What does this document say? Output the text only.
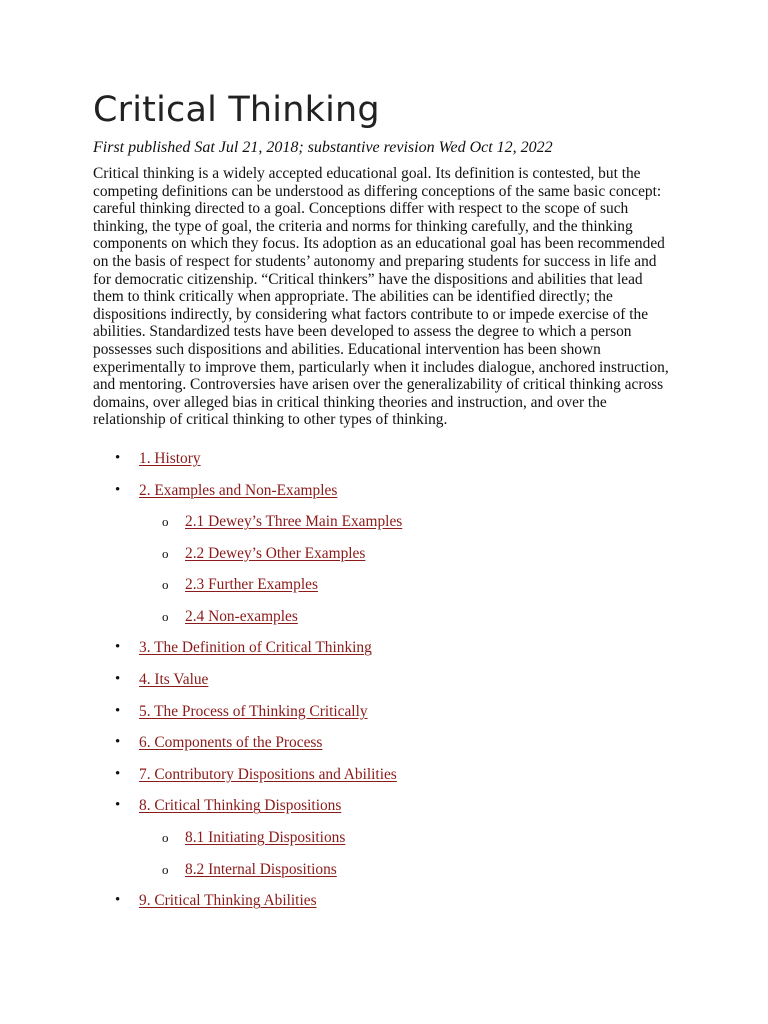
Critical Thinking

First published Sat Jul 21, 2018; substantive revision Wed Oct 12, 2022

Critical thinking is a widely accepted educational goal. Its definition is contested, but the competing definitions can be understood as differing conceptions of the same basic concept: careful thinking directed to a goal. Conceptions differ with respect to the scope of such thinking, the type of goal, the criteria and norms for thinking carefully, and the thinking components on which they focus. Its adoption as an educational goal has been recommended on the basis of respect for students’ autonomy and preparing students for success in life and for democratic citizenship. “Critical thinkers” have the dispositions and abilities that lead them to think critically when appropriate. The abilities can be identified directly; the dispositions indirectly, by considering what factors contribute to or impede exercise of the abilities. Standardized tests have been developed to assess the degree to which a person possesses such dispositions and abilities. Educational intervention has been shown experimentally to improve them, particularly when it includes dialogue, anchored instruction, and mentoring. Controversies have arisen over the generalizability of critical thinking across domains, over alleged bias in critical thinking theories and instruction, and over the relationship of critical thinking to other types of thinking.

• 1. History
• 2. Examples and Non-Examples
o 2.1 Dewey’s Three Main Examples
o 2.2 Dewey’s Other Examples
o 2.3 Further Examples
o 2.4 Non-examples
• 3. The Definition of Critical Thinking
• 4. Its Value
• 5. The Process of Thinking Critically
• 6. Components of the Process
• 7. Contributory Dispositions and Abilities
• 8. Critical Thinking Dispositions
o 8.1 Initiating Dispositions
o 8.2 Internal Dispositions
• 9. Critical Thinking Abilities
